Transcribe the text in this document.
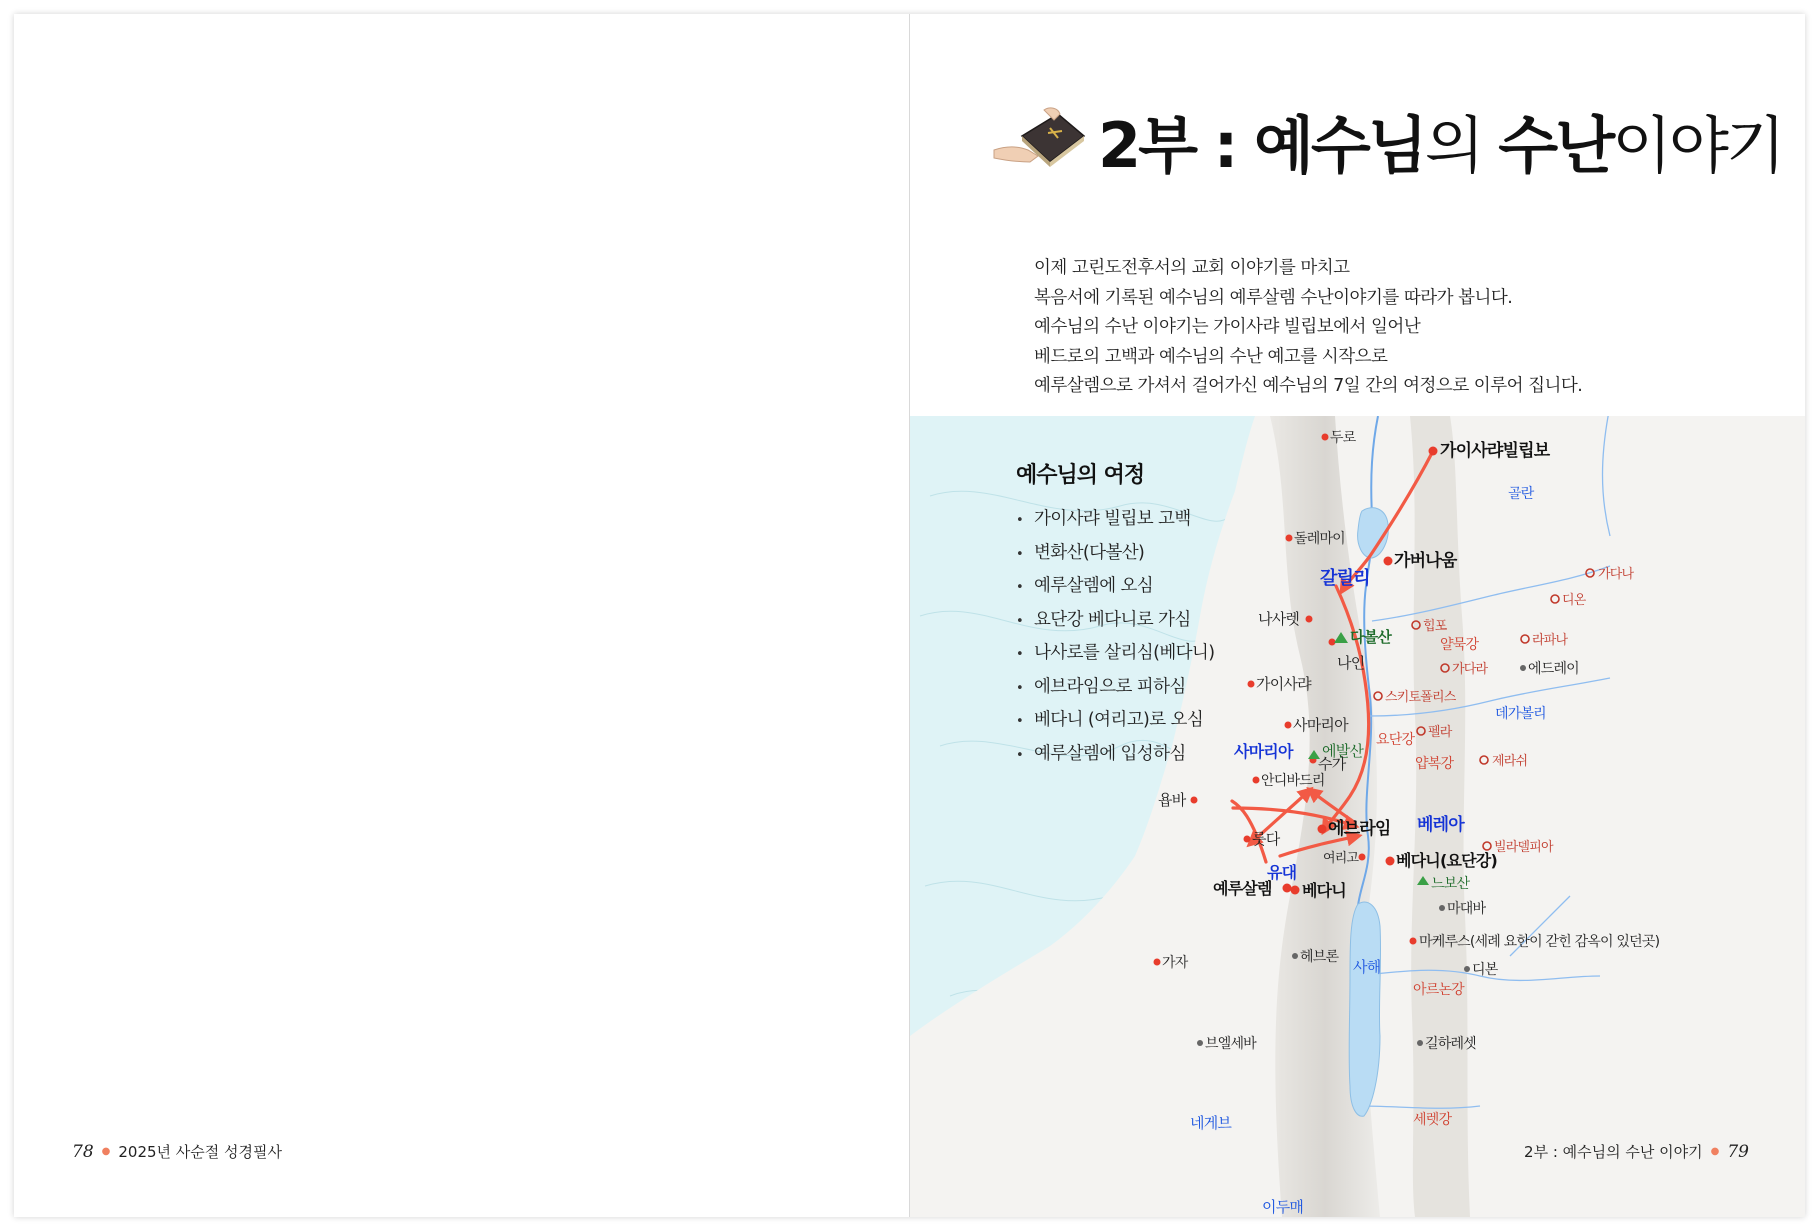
78 ● 2025년 사순절 성경필사
2부 : 예수님의 수난이야기
이제 고린도전후서의 교회 이야기를 마치고
복음서에 기록된 예수님의 예루살렘 수난이야기를 따라가 봅니다.
예수님의 수난 이야기는 가이사랴 빌립보에서 일어난
베드로의 고백과 예수님의 수난 예고를 시작으로
예루살렘으로 가셔서 걸어가신 예수님의 7일 간의 여정으로 이루어 집니다.
두로
가이사랴빌립보
골란
가다나
디온
돌레마이
가버나움
갈릴리
힙포
라파나
얄묵강
나사렛
다볼산
가다라	에드레이
나인
스키토폴리스
가이사랴
펠라
데가볼리
사마리아
요단강
에발산
사마리아
제라쉬
얍복강
수가
안디바드리
욥바
에브라임 베레아
룻다	빌라델피아
여리고 베다니(요단강)
유대
예루살렘 베다니	느보산
마대바
마케루스(세례 요한이 갇힌 감옥이 있던곳)
가자	헤브론
사해	디본
아르논강
브엘세바	길하레셋
세렛강
네게브
이두매
예수님의 여정
• 가이사랴 빌립보 고백
• 변화산(다볼산)
• 예루살렘에 오심
• 요단강 베다니로 가심
• 나사로를 살리심(베다니)
• 에브라임으로 피하심
• 베다니 (여리고)로 오심
• 예루살렘에 입성하심
2부 : 예수님의 수난 이야기 ● 79
